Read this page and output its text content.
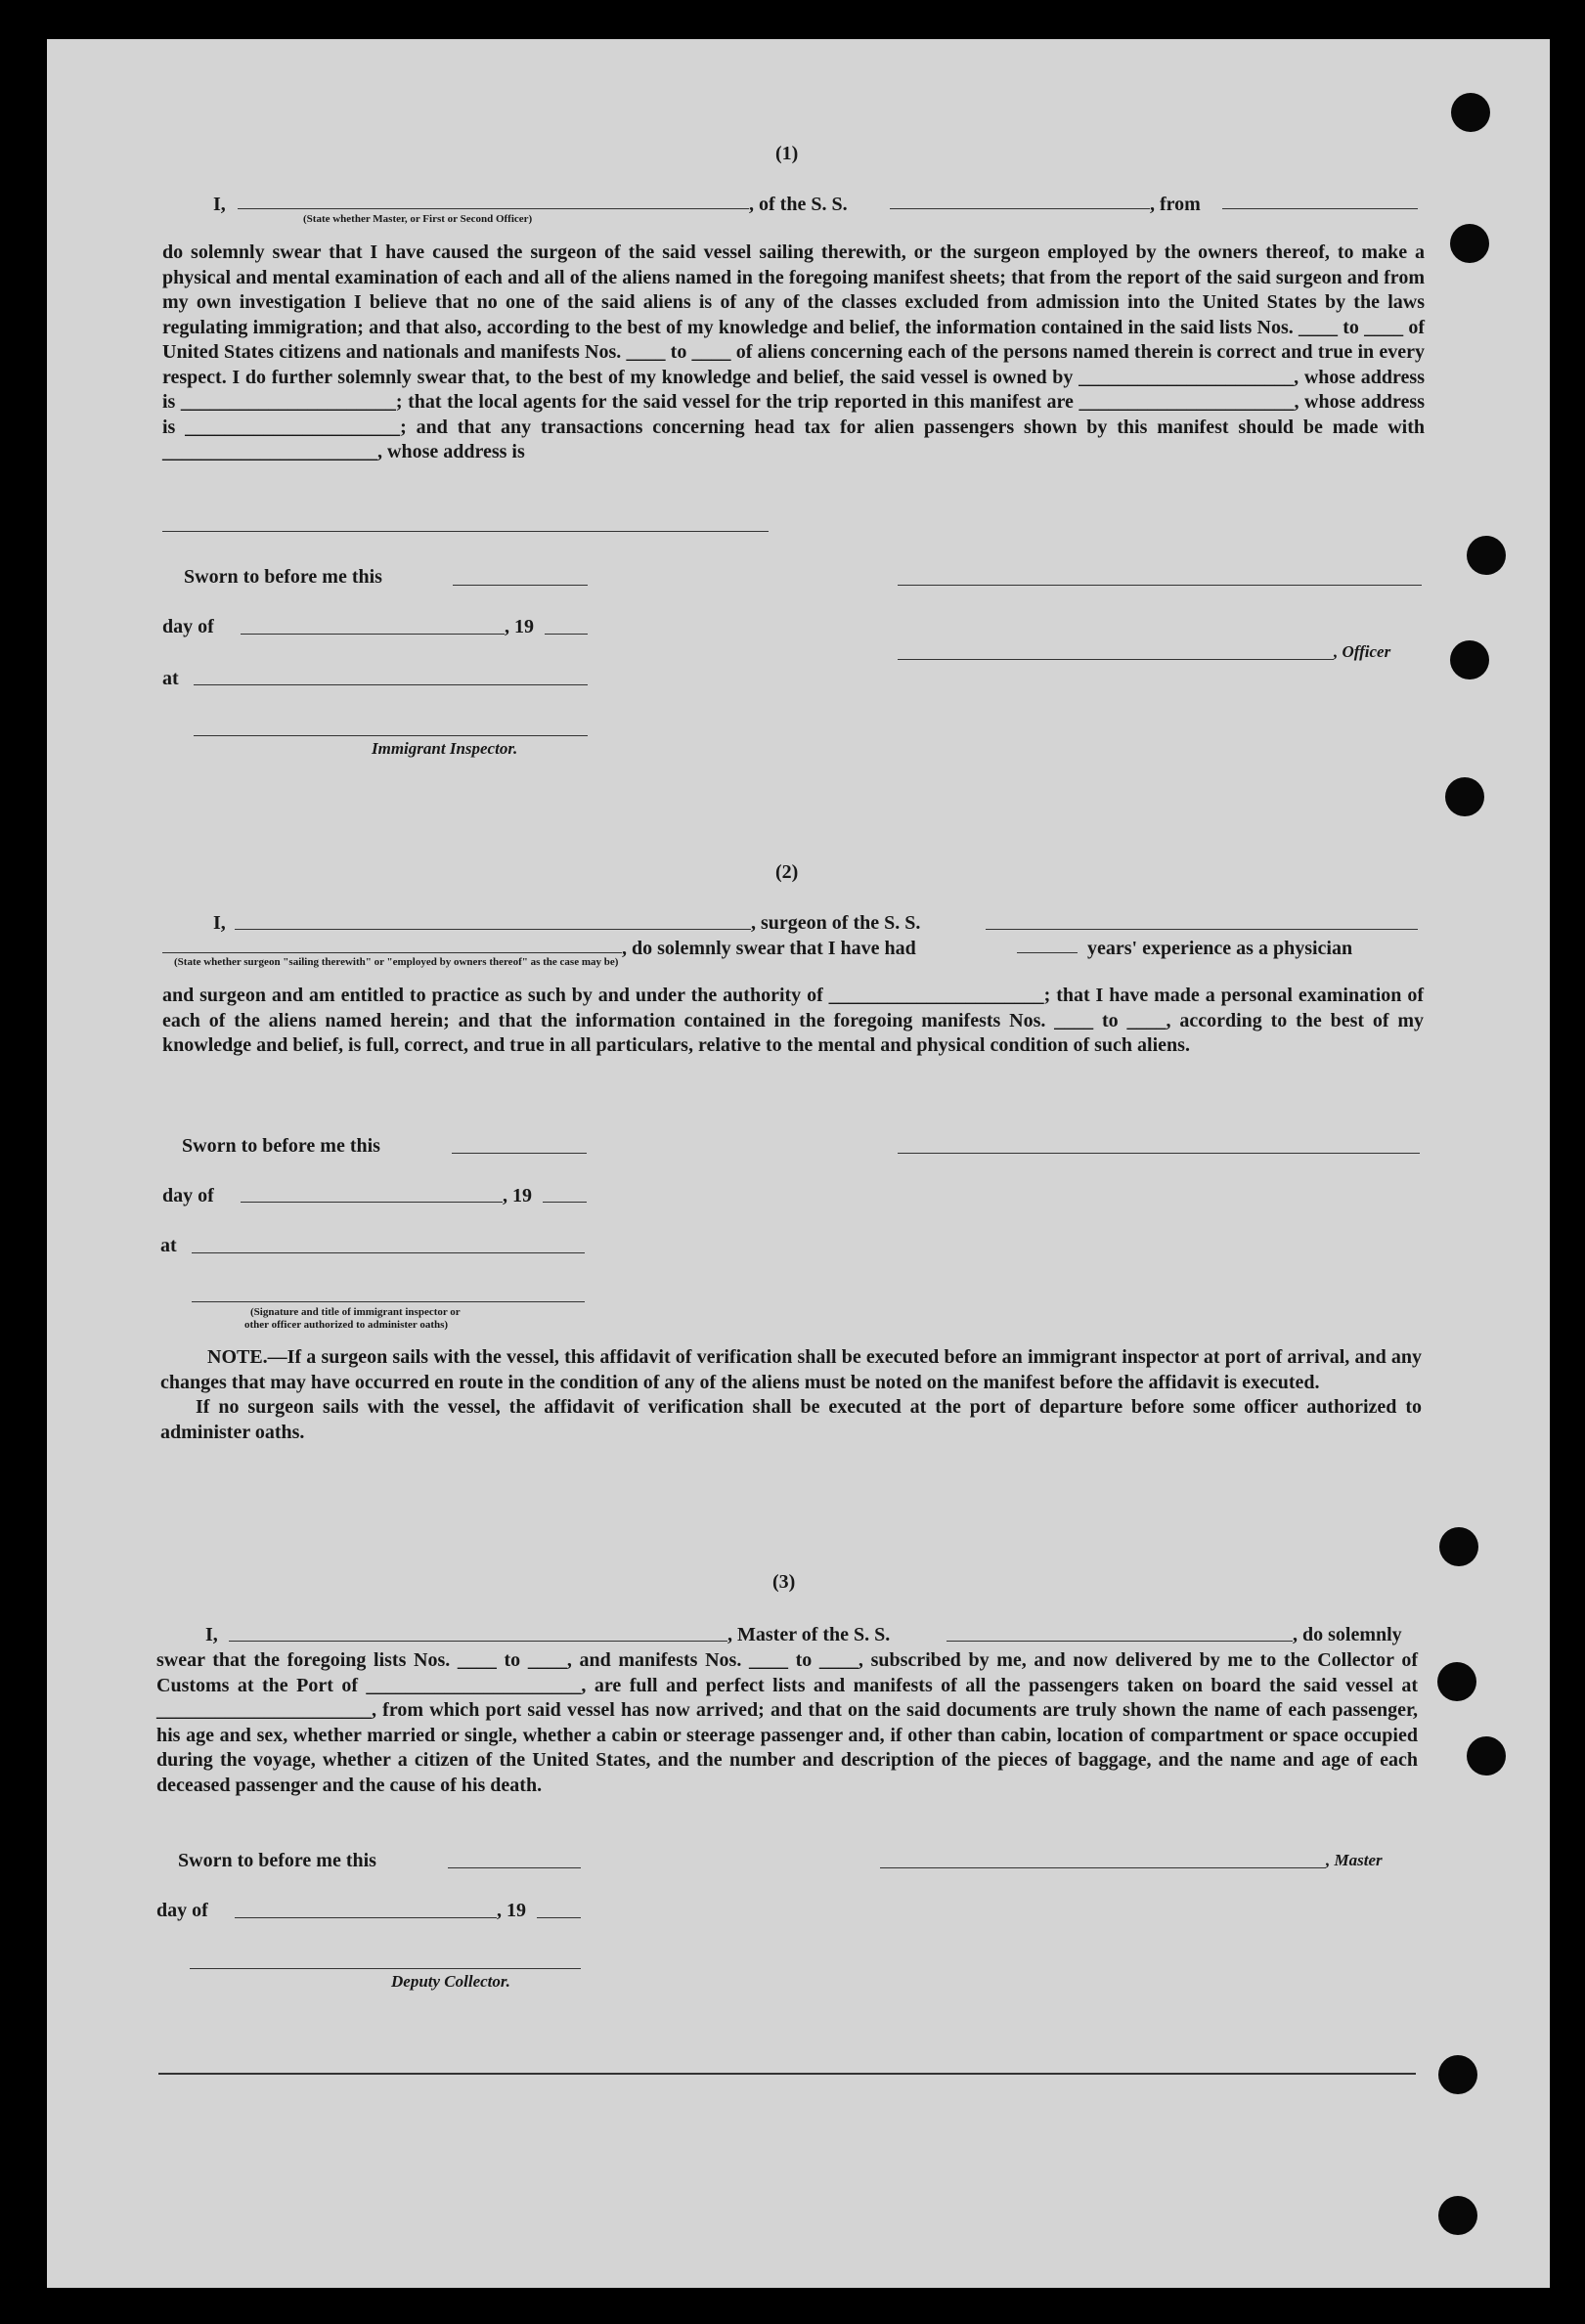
(1)
I,
(State whether Master, or First or Second Officer)
, of the S. S.	, from

do solemnly swear that I have caused the surgeon of the said vessel sailing therewith, or the surgeon employed by the owners thereof, to make a physical and mental examination of each and all of the aliens named in the foregoing manifest sheets; that from the report of the said surgeon and from my own investigation I believe that no one of the said aliens is of any of the classes excluded from admission into the United States by the laws regulating immigration; and that also, according to the best of my knowledge and belief, the information contained in the said lists Nos. ____ to ____ of United States citizens and nationals and manifests Nos. ____ to ____ of aliens concerning each of the persons named therein is correct and true in every respect. I do further solemnly swear that, to the best of my knowledge and belief, the said vessel is owned by ______________________, whose address is ______________________; that the local agents for the said vessel for the trip reported in this manifest are ______________________, whose address is ______________________; and that any transactions concerning head tax for alien passengers shown by this manifest should be made with ______________________, whose address is

Sworn to before me this
day of	, 19
, Officer
at
Immigrant Inspector.
(2)
I,	, surgeon of the S. S.
(State whether surgeon "sailing therewith" or "employed by owners thereof" as the case may be)
, do solemnly swear that I have had	years' experience as a physician

and surgeon and am entitled to practice as such by and under the authority of ______________________; that I have made a personal examination of each of the aliens named herein; and that the information contained in the foregoing manifests Nos. ____ to ____, according to the best of my knowledge and belief, is full, correct, and true in all particulars, relative to the mental and physical condition of such aliens.

Sworn to before me this
day of	, 19
at
(Signature and title of immigrant inspector or
other officer authorized to administer oaths)

NOTE.—If a surgeon sails with the vessel, this affidavit of verification shall be executed before an immigrant inspector at port of arrival, and any changes that may have occurred en route in the condition of any of the aliens must be noted on the manifest before the affidavit is executed.

If no surgeon sails with the vessel, the affidavit of verification shall be executed at the port of departure before some officer authorized to administer oaths.

(3)
I,	, Master of the S. S.	, do solemnly

swear that the foregoing lists Nos. ____ to ____, and manifests Nos. ____ to ____, subscribed by me, and now delivered by me to the Collector of Customs at the Port of ______________________, are full and perfect lists and manifests of all the passengers taken on board the said vessel at ______________________, from which port said vessel has now arrived; and that on the said documents are truly shown the name of each passenger, his age and sex, whether married or single, whether a cabin or steerage passenger and, if other than cabin, location of compartment or space occupied during the voyage, whether a citizen of the United States, and the number and description of the pieces of baggage, and the name and age of each deceased passenger and the cause of his death.

Sworn to before me this	, Master
day of	, 19
Deputy Collector.
